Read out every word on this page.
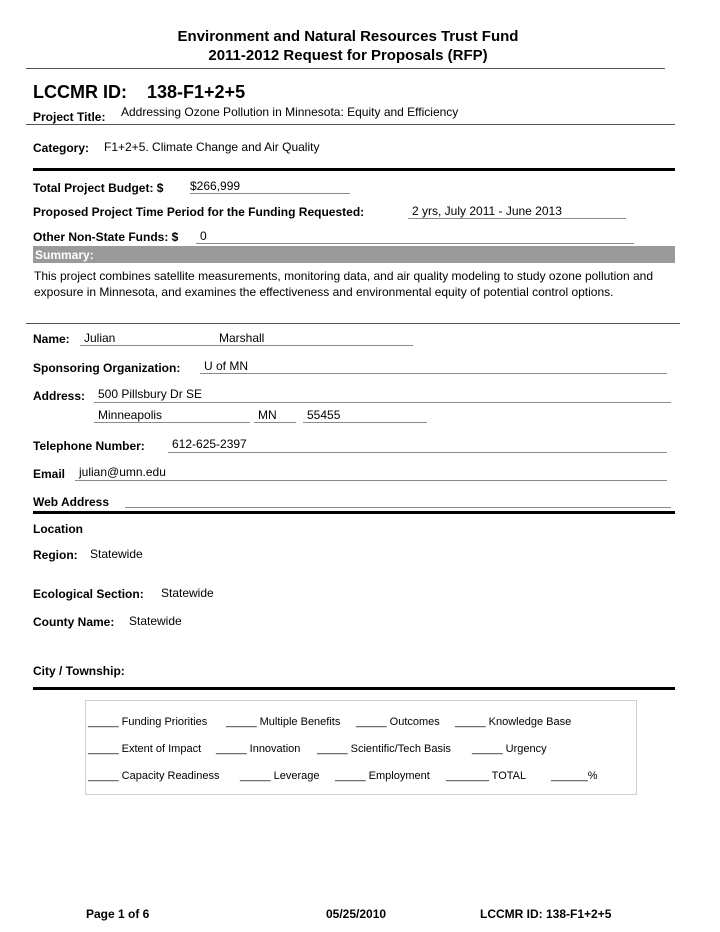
Environment and Natural Resources Trust Fund
2011-2012 Request for Proposals (RFP)
LCCMR ID: 138-F1+2+5
Project Title: Addressing Ozone Pollution in Minnesota: Equity and Efficiency
Category: F1+2+5. Climate Change and Air Quality
Total Project Budget: $ $266,999
Proposed Project Time Period for the Funding Requested:	2 yrs, July 2011 - June 2013
Other Non-State Funds: $ 0
Summary:
This project combines satellite measurements, monitoring data, and air quality modeling to study ozone pollution and exposure in Minnesota, and examines the effectiveness and environmental equity of potential control options.
Name: Julian	Marshall
Sponsoring Organization: U of MN
Address: 500 Pillsbury Dr SE
Minneapolis	MN	55455
Telephone Number: 612-625-2397
Email julian@umn.edu
Web Address
Location
Region: Statewide
Ecological Section: Statewide
County Name: Statewide
City / Township:
_____ Funding Priorities _____ Multiple Benefits _____ Outcomes _____ Knowledge Base
_____ Extent of Impact _____ Innovation _____ Scientific/Tech Basis _____ Urgency
_____ Capacity Readiness _____ Leverage _____ Employment _______ TOTAL ______%
Page 1 of 6	05/25/2010	LCCMR ID: 138-F1+2+5
